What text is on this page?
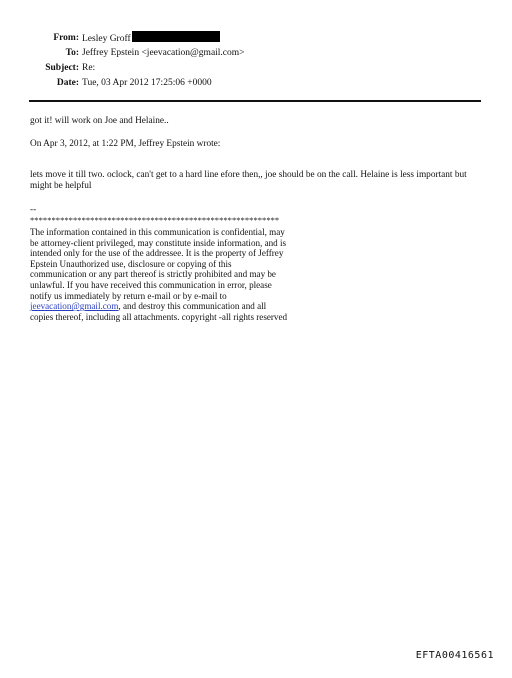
From: Lesley Groff
To: Jeffrey Epstein <jeevacation@gmail.com>
Subject: Re:
Date: Tue, 03 Apr 2012 17:25:06 +0000
got it! will work on Joe and Helaine..
On Apr 3, 2012, at 1:22 PM, Jeffrey Epstein wrote:
lets move it till two. oclock, can't get to a hard line efore then,, joe should be on the call. Helaine is less important but might be helpful
--
**********************************************************
The information contained in this communication is confidential, may be attorney-client privileged, may constitute inside information, and is intended only for the use of the addressee. It is the property of Jeffrey Epstein Unauthorized use, disclosure or copying of this communication or any part thereof is strictly prohibited and may be unlawful. If you have received this communication in error, please notify us immediately by return e-mail or by e-mail to jeevacation@gmail.com, and destroy this communication and all copies thereof, including all attachments. copyright -all rights reserved
EFTA00416561
